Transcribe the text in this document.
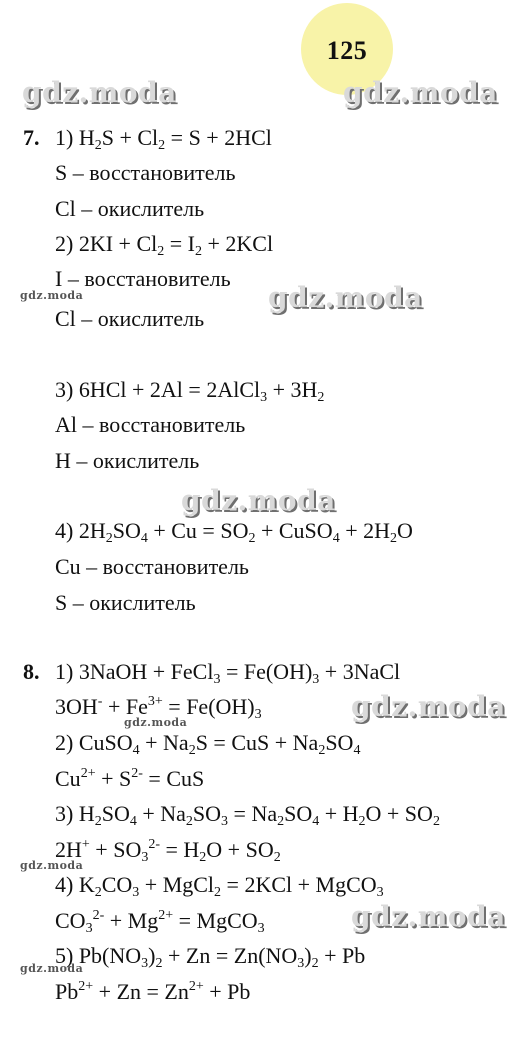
125
gdz.moda	gdz.moda
gdz.moda	gdz.moda
gdz.moda
gdz.moda	gdz.moda
gdz.moda
gdz.moda
gdz.moda
7. 1) $H_2S + Cl_2 = S + 2HCl$
S – восстановитель
Cl – окислитель
2) $2KI + Cl_2 = I_2 + 2KCl$
I – восстановитель
Cl – окислитель
3) 6HCl + 2Al = 2AlCl$_3$ + $3H_2$
Al – восстановитель
H – окислитель
4) $2H_2SO_4 + Cu = SO_2$ + CuSO$_4$ + $2H_2O$
Cu – восстановитель
S – окислитель
8. 1) 3NaOH + FeCl$_3$ = $Fe(OH)_3$ + 3NaCl
$3OH^- + Fe^{3+} = Fe(OH)_3$
2) CuSO$_4$ + $Na_2S$ = CuS + $Na_2SO_4$
$Cu^{2+} + S^{2-}$ = CuS
3) $H_2SO_4 + Na_2SO_3 = Na_2SO_4 + H_2O + SO_2$
$2H^+ + SO_3^{2-} = H_2O + SO_2$
4) $K_2CO_3$ + MgCl$_2$ = 2KCl + MgCO$_3$
$CO_3^{2-} + Mg^{2+}$ = MgCO$_3$
5) $Pb(NO_3)_2 + Zn = Zn(NO_3)_2 + Pb$
$Pb^{2+} + Zn = Zn^{2+} + Pb$
